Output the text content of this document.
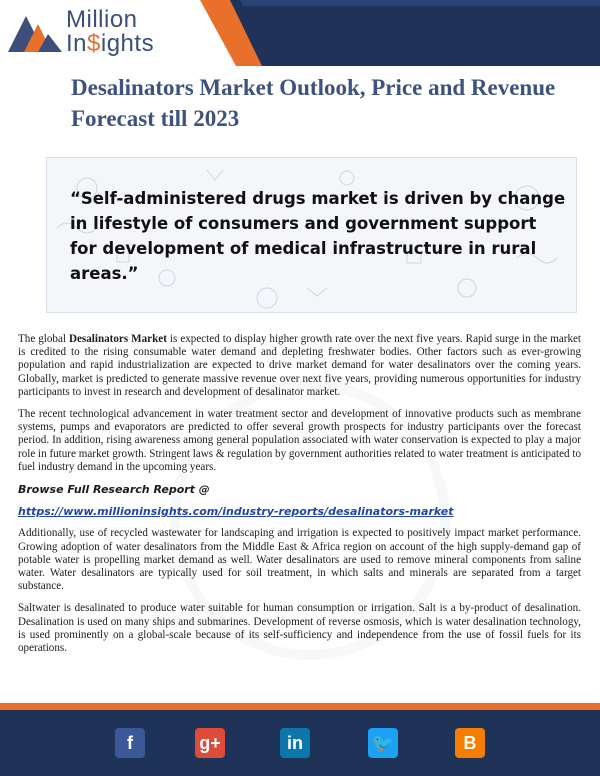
Million
In$ights
Desalinators Market Outlook, Price and Revenue Forecast till 2023

“Self-administered drugs market is driven by change in lifestyle of consumers and government support for development of medical infrastructure in rural areas.”

The global Desalinators Market is expected to display higher growth rate over the next five years. Rapid surge in the market is credited to the rising consumable water demand and depleting freshwater bodies. Other factors such as ever-growing population and rapid industrialization are expected to drive market demand for water desalinators over the coming years. Globally, market is predicted to generate massive revenue over next five years, providing numerous opportunities for industry participants to invest in research and development of desalinator market.

The recent technological advancement in water treatment sector and development of innovative products such as membrane systems, pumps and evaporators are predicted to offer several growth prospects for industry participants over the forecast period. In addition, rising awareness among general population associated with water conservation is expected to play a major role in future market growth. Stringent laws & regulation by government authorities related to water treatment is anticipated to fuel industry demand in the upcoming years.

Browse Full Research Report @

https://www.millioninsights.com/industry-reports/desalinators-market

Additionally, use of recycled wastewater for landscaping and irrigation is expected to positively impact market performance. Growing adoption of water desalinators from the Middle East & Africa region on account of the high supply-demand gap of potable water is propelling market demand as well. Water desalinators are used to remove mineral components from saline water. Water desalinators are typically used for soil treatment, in which salts and minerals are separated from a target substance.

Saltwater is desalinated to produce water suitable for human consumption or irrigation. Salt is a by-product of desalination. Desalination is used on many ships and submarines. Development of reverse osmosis, which is water desalination technology, is used prominently on a global-scale because of its self-sufficiency and independence from the use of fossil fuels for its operations.

f	g+	in	🐦	B
